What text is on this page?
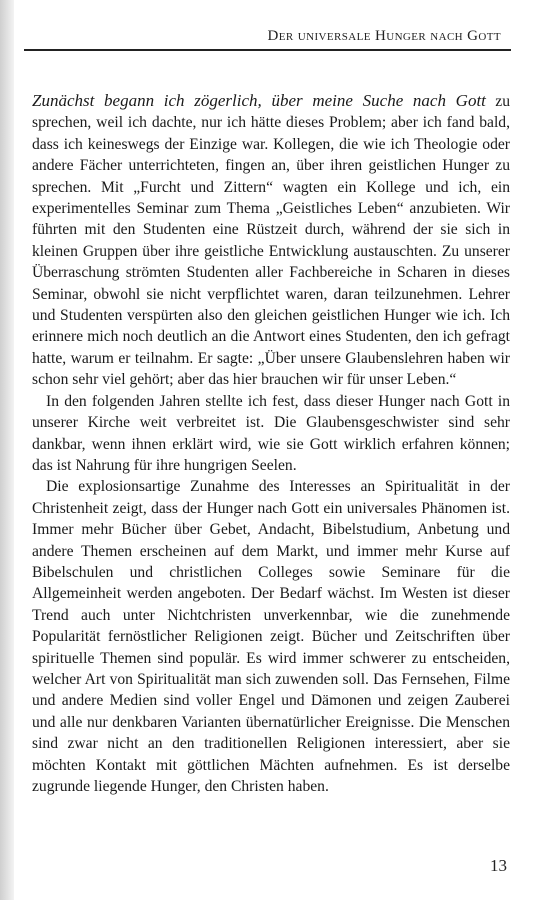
Der universale Hunger nach Gott

Zunächst begann ich zögerlich, über meine Suche nach Gott zu sprechen, weil ich dachte, nur ich hätte dieses Problem; aber ich fand bald, dass ich keineswegs der Einzige war. Kollegen, die wie ich Theologie oder andere Fächer unterrichteten, fingen an, über ihren geistlichen Hunger zu sprechen. Mit „Furcht und Zittern“ wagten ein Kollege und ich, ein experimentelles Seminar zum Thema „Geistliches Leben“ anzubieten. Wir führten mit den Studenten eine Rüstzeit durch, während der sie sich in kleinen Gruppen über ihre geistliche Entwicklung austauschten. Zu unserer Überraschung strömten Studenten aller Fachbereiche in Scharen in dieses Seminar, obwohl sie nicht verpflichtet waren, daran teilzunehmen. Lehrer und Studenten verspürten also den gleichen geistlichen Hunger wie ich. Ich erinnere mich noch deutlich an die Antwort eines Studenten, den ich gefragt hatte, warum er teilnahm. Er sagte: „Über unsere Glaubenslehren haben wir schon sehr viel gehört; aber das hier brauchen wir für unser Leben.“

In den folgenden Jahren stellte ich fest, dass dieser Hunger nach Gott in unserer Kirche weit verbreitet ist. Die Glaubensgeschwister sind sehr dankbar, wenn ihnen erklärt wird, wie sie Gott wirklich erfahren können; das ist Nahrung für ihre hungrigen Seelen.

Die explosionsartige Zunahme des Interesses an Spiritualität in der Christenheit zeigt, dass der Hunger nach Gott ein universales Phänomen ist. Immer mehr Bücher über Gebet, Andacht, Bibelstudium, Anbetung und andere Themen erscheinen auf dem Markt, und immer mehr Kurse auf Bibelschulen und christlichen Colleges sowie Seminare für die Allgemeinheit werden angeboten. Der Bedarf wächst. Im Westen ist dieser Trend auch unter Nichtchristen unverkennbar, wie die zunehmende Popularität fernöstlicher Religionen zeigt. Bücher und Zeitschriften über spirituelle Themen sind populär. Es wird immer schwerer zu entscheiden, welcher Art von Spiritualität man sich zuwenden soll. Das Fernsehen, Filme und andere Medien sind voller Engel und Dämonen und zeigen Zauberei und alle nur denkbaren Varianten übernatürlicher Ereignisse. Die Menschen sind zwar nicht an den traditionellen Religionen interessiert, aber sie möchten Kontakt mit göttlichen Mächten aufnehmen. Es ist derselbe zugrunde liegende Hunger, den Christen haben.

13
